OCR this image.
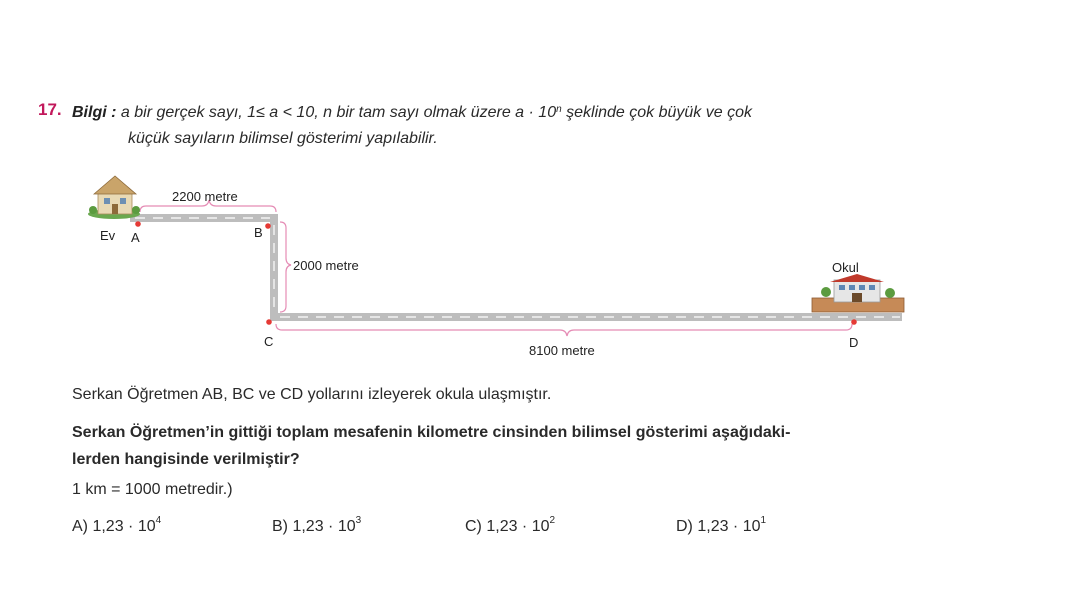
17. Bilgi : a bir gerçek sayı, 1≤ a < 10, n bir tam sayı olmak üzere $a \cdot 10^n$ şeklinde çok büyük ve çok
küçük sayıların bilimsel gösterimi yapılabilir.
2200 metre
2000 metre
8100 metre
Ev A	B
C	D
Okul
Serkan Öğretmen AB, BC ve CD yollarını izleyerek okula ulaşmıştır.
Serkan Öğretmen’in gittiği toplam mesafenin kilometre cinsinden bilimsel gösterimi aşağıdaki-
lerden hangisinde verilmiştir?
1 km = 1000 metredir.)
A) $1,23 \cdot 10^4$	B) $1,23 \cdot 10^3$	C) $1,23 \cdot 10^2$	D) $1,23 \cdot 10^1$
